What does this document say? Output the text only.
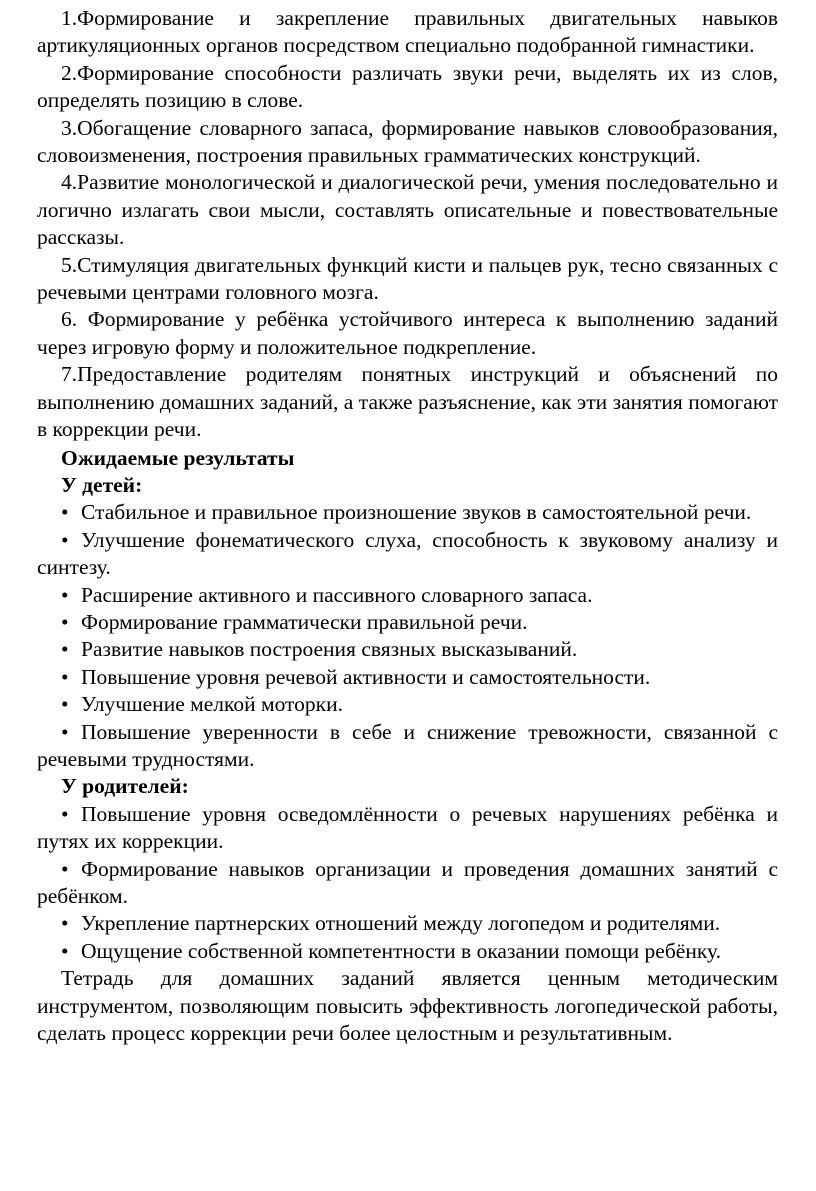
1.Формирование и закрепление правильных двигательных навыков артикуляционных органов посредством специально подобранной гимнастики.

2.Формирование способности различать звуки речи, выделять их из слов, определять позицию в слове.

3.Обогащение словарного запаса, формирование навыков словообразования, словоизменения, построения правильных грамматических конструкций.

4.Развитие монологической и диалогической речи, умения последовательно и логично излагать свои мысли, составлять описательные и повествовательные рассказы.

5.Стимуляция двигательных функций кисти и пальцев рук, тесно связанных с речевыми центрами головного мозга.

6. Формирование у ребёнка устойчивого интереса к выполнению заданий через игровую форму и положительное подкрепление.

7.Предоставление родителям понятных инструкций и объяснений по выполнению домашних заданий, а также разъяснение, как эти занятия помогают в коррекции речи.

Ожидаемые результаты

У детей:

• Стабильное и правильное произношение звуков в самостоятельной речи.

• Улучшение фонематического слуха, способность к звуковому анализу и синтезу.

• Расширение активного и пассивного словарного запаса.

• Формирование грамматически правильной речи.

• Развитие навыков построения связных высказываний.

• Повышение уровня речевой активности и самостоятельности.

• Улучшение мелкой моторки.

• Повышение уверенности в себе и снижение тревожности, связанной с речевыми трудностями.

У родителей:

• Повышение уровня осведомлённости о речевых нарушениях ребёнка и путях их коррекции.

• Формирование навыков организации и проведения домашних занятий с ребёнком.

• Укрепление партнерских отношений между логопедом и родителями.

• Ощущение собственной компетентности в оказании помощи ребёнку.

Тетрадь для домашних заданий является ценным методическим инструментом, позволяющим повысить эффективность логопедической работы, сделать процесс коррекции речи более целостным и результативным.
